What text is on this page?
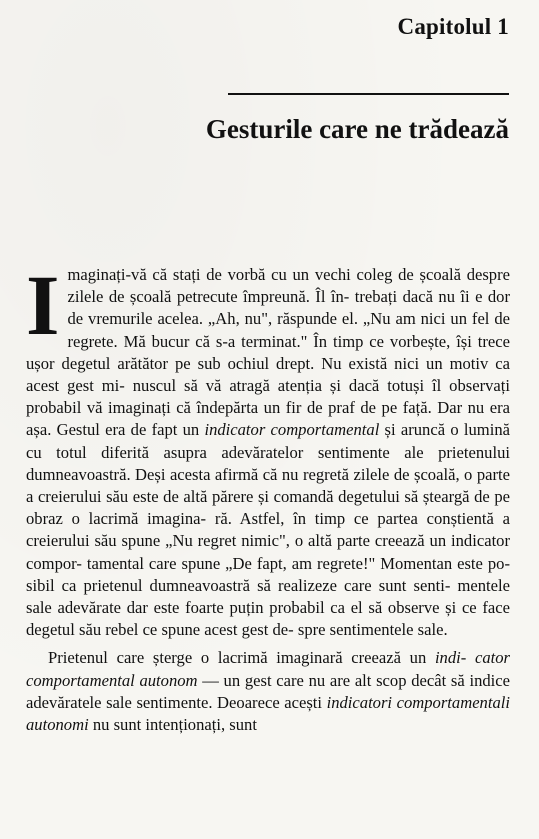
Capitolul 1
Gesturile care ne trădează

Imaginați-vă că stați de vorbă cu un vechi coleg de școală despre zilele de școală petrecute împreună. Îl în- trebați dacă nu îi e dor de vremurile acelea. „Ah, nu", răspunde el. „Nu am nici un fel de regrete. Mă bucur că s-a terminat." În timp ce vorbește, își trece ușor degetul arătător pe sub ochiul drept. Nu există nici un motiv ca acest gest mi- nuscul să vă atragă atenția și dacă totuși îl observați probabil vă imaginați că îndepărta un fir de praf de pe față. Dar nu era așa. Gestul era de fapt un indicator comportamental și aruncă o lumină cu totul diferită asupra adevăratelor sentimente ale prietenului dumneavoastră. Deși acesta afirmă că nu regretă zilele de școală, o parte a creierului său este de altă părere și comandă degetului să șteargă de pe obraz o lacrimă imagina- ră. Astfel, în timp ce partea conștientă a creierului său spune „Nu regret nimic", o altă parte creează un indicator compor- tamental care spune „De fapt, am regrete!" Momentan este po- sibil ca prietenul dumneavoastră să realizeze care sunt senti- mentele sale adevărate dar este foarte puțin probabil ca el să observe și ce face degetul său rebel ce spune acest gest de- spre sentimentele sale.

Prietenul care șterge o lacrimă imaginară creează un indi- cator comportamental autonom — un gest care nu are alt scop decât să indice adevăratele sale sentimente. Deoarece acești indicatori comportamentali autonomi nu sunt intenționați, sunt
